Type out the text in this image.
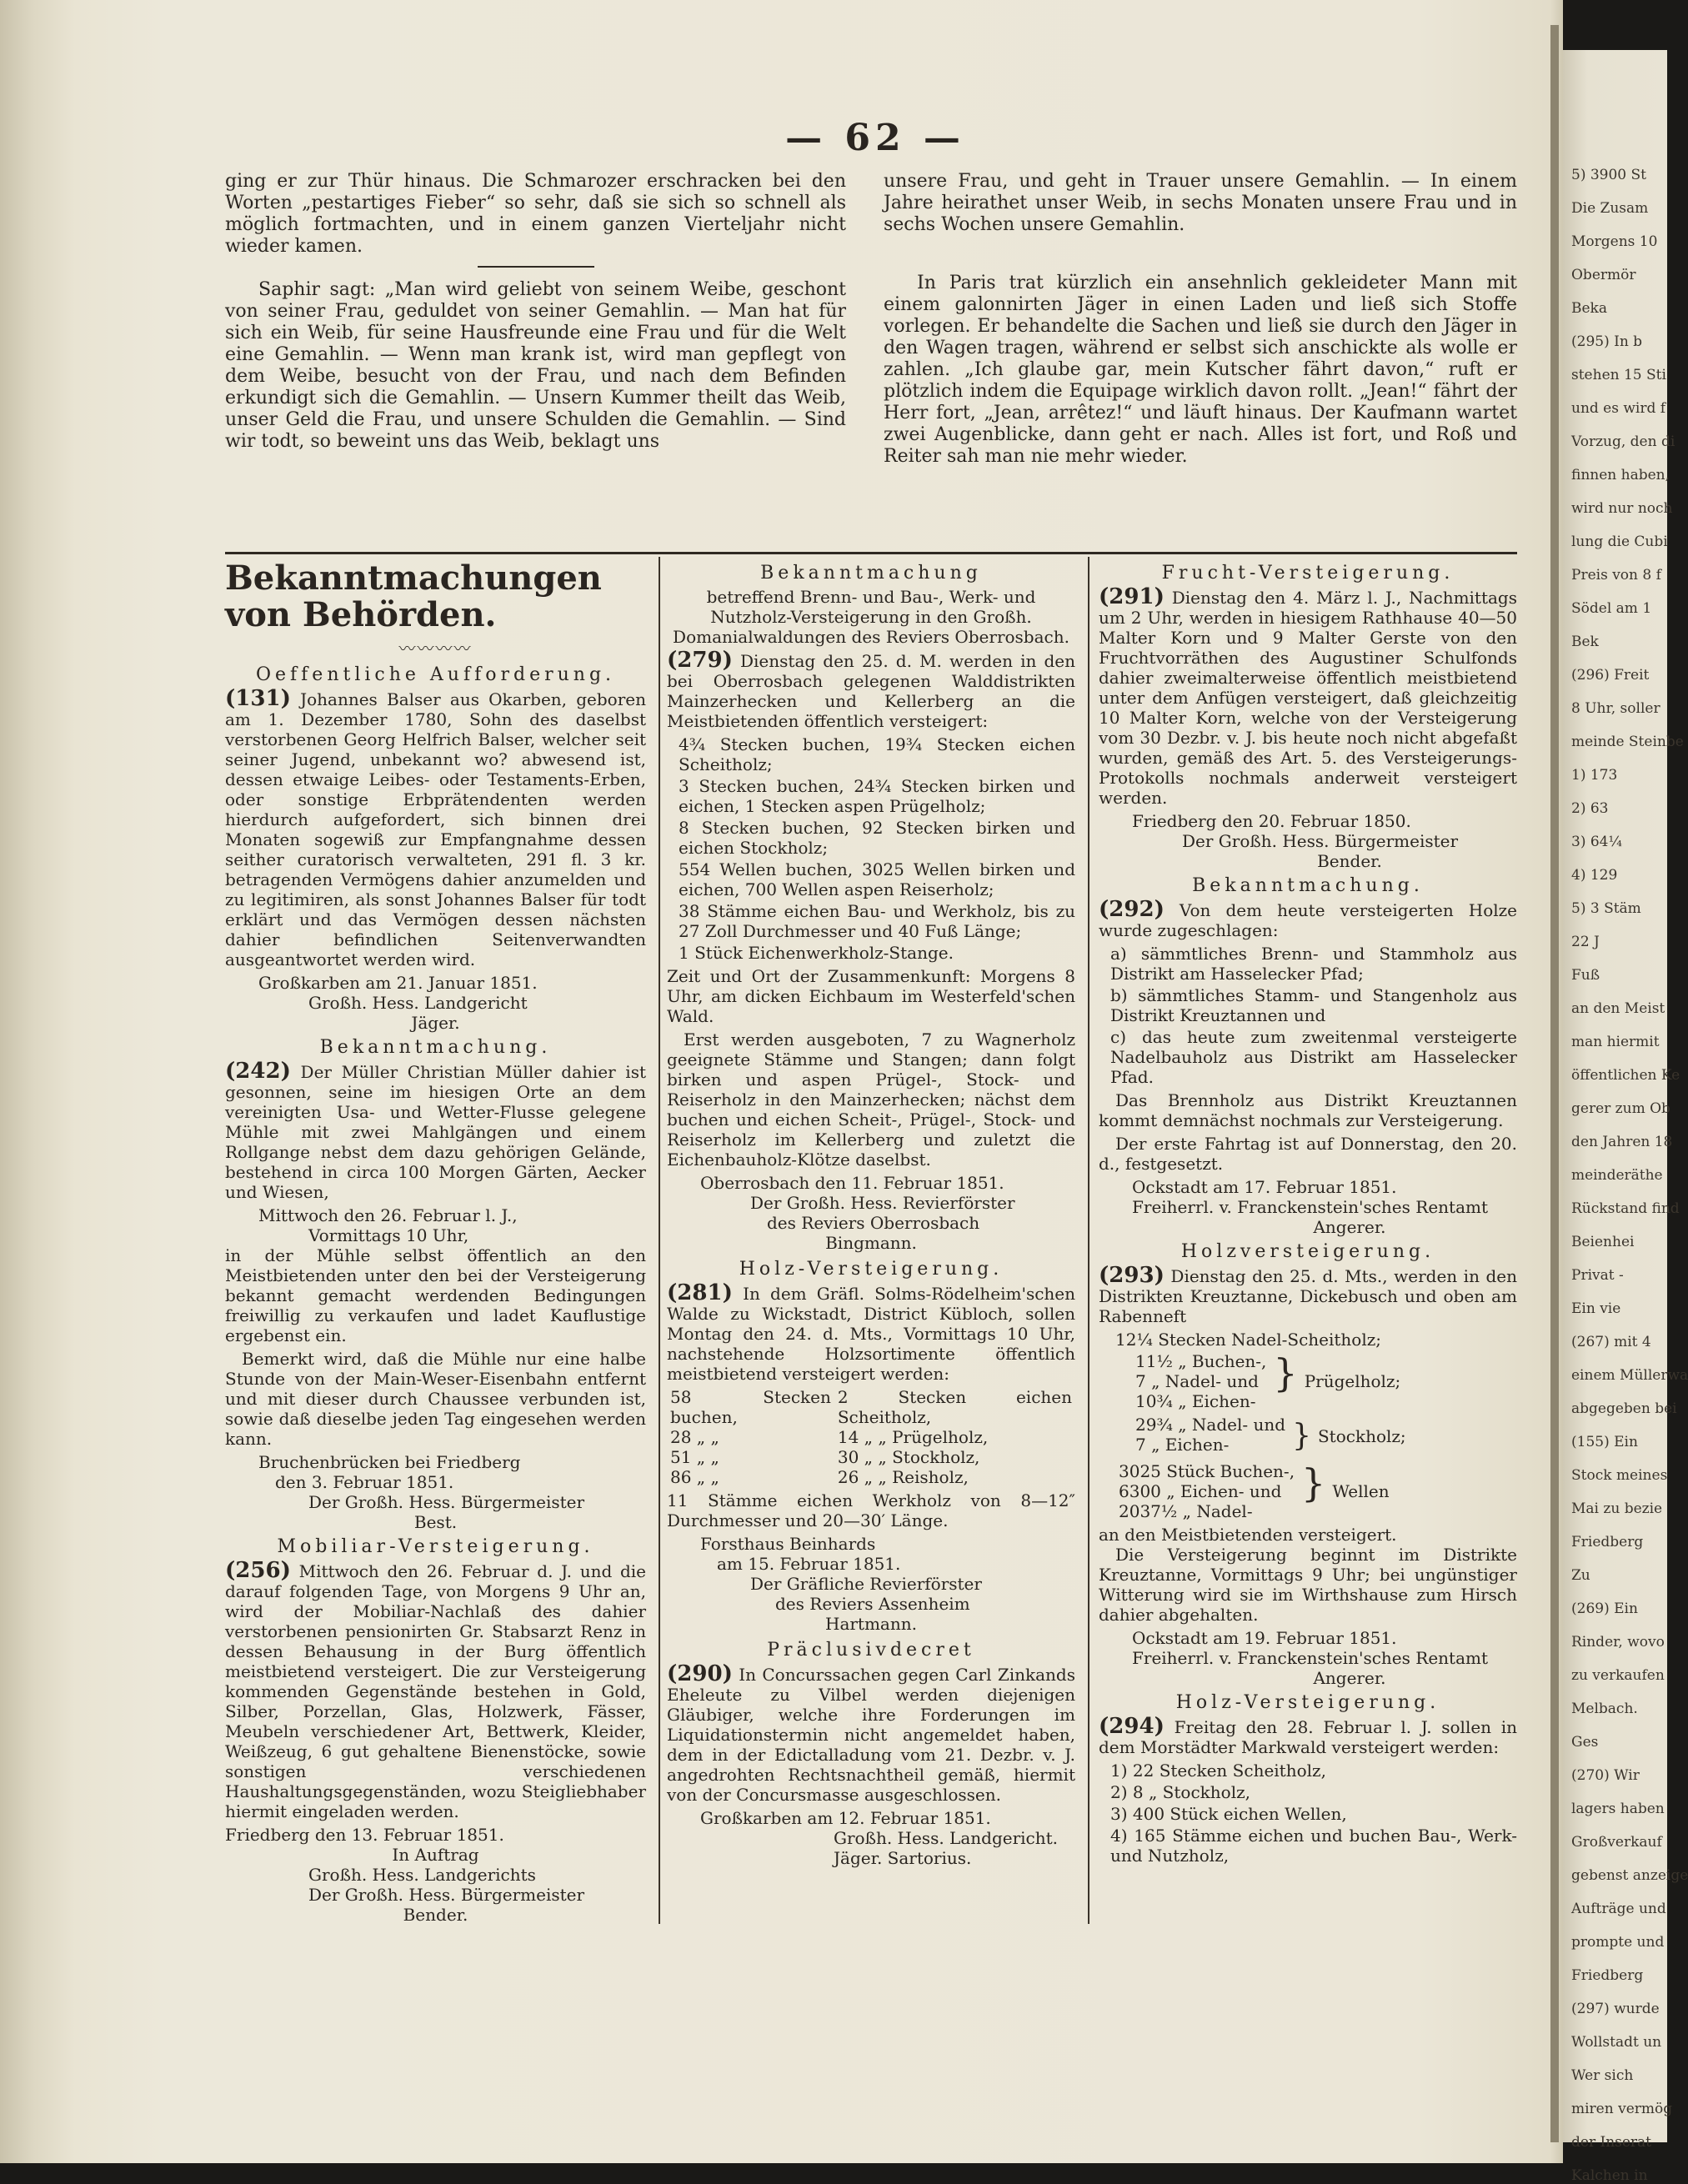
— 62 —

ging er zur Thür hinaus. Die Schmarozer erschracken bei den Worten „pestartiges Fieber“ so sehr, daß sie sich so schnell als möglich fortmachten, und in einem ganzen Vierteljahr nicht wieder kamen.

Saphir sagt: „Man wird geliebt von seinem Weibe, geschont von seiner Frau, geduldet von seiner Gemahlin. — Man hat für sich ein Weib, für seine Hausfreunde eine Frau und für die Welt eine Gemahlin. — Wenn man krank ist, wird man gepflegt von dem Weibe, besucht von der Frau, und nach dem Befinden erkundigt sich die Gemahlin. — Unsern Kummer theilt das Weib, unser Geld die Frau, und unsere Schulden die Gemahlin. — Sind wir todt, so beweint uns das Weib, beklagt uns

unsere Frau, und geht in Trauer unsere Gemahlin. — In einem Jahre heirathet unser Weib, in sechs Monaten unsere Frau und in sechs Wochen unsere Gemahlin.

In Paris trat kürzlich ein ansehnlich gekleideter Mann mit einem galonnirten Jäger in einen Laden und ließ sich Stoffe vorlegen. Er behandelte die Sachen und ließ sie durch den Jäger in den Wagen tragen, während er selbst sich anschickte als wolle er zahlen. „Ich glaube gar, mein Kutscher fährt davon,“ ruft er plötzlich indem die Equipage wirklich davon rollt. „Jean!“ fährt der Herr fort, „Jean, arrêtez!“ und läuft hinaus. Der Kaufmann wartet zwei Augenblicke, dann geht er nach. Alles ist fort, und Roß und Reiter sah man nie mehr wieder.

Bekanntmachungen von Behörden.
〰〰〰〰
Oeffentliche Aufforderung.

(131) Johannes Balser aus Okarben, geboren am 1. Dezember 1780, Sohn des daselbst verstorbenen Georg Helfrich Balser, welcher seit seiner Jugend, unbekannt wo? abwesend ist, dessen etwaige Leibes- oder Testaments-Erben, oder sonstige Erbprätendenten werden hierdurch aufgefordert, sich binnen drei Monaten sogewiß zur Empfangnahme dessen seither curatorisch verwalteten, 291 fl. 3 kr. betragenden Vermögens dahier anzumelden und zu legitimiren, als sonst Johannes Balser für todt erklärt und das Vermögen dessen nächsten dahier befindlichen Seitenverwandten ausgeantwortet werden wird.

Großkarben am 21. Januar 1851.
Großh. Hess. Landgericht
Jäger.
Bekanntmachung.

(242) Der Müller Christian Müller dahier ist gesonnen, seine im hiesigen Orte an dem vereinigten Usa- und Wetter-Flusse gelegene Mühle mit zwei Mahlgängen und einem Rollgange nebst dem dazu gehörigen Gelände, bestehend in circa 100 Morgen Gärten, Aecker und Wiesen,

Mittwoch den 26. Februar l. J.,
Vormittags 10 Uhr,

in der Mühle selbst öffentlich an den Meistbietenden unter den bei der Versteigerung bekannt gemacht werdenden Bedingungen freiwillig zu verkaufen und ladet Kauflustige ergebenst ein.

Bemerkt wird, daß die Mühle nur eine halbe Stunde von der Main-Weser-Eisenbahn entfernt und mit dieser durch Chaussee verbunden ist, sowie daß dieselbe jeden Tag eingesehen werden kann.

Bruchenbrücken bei Friedberg
den 3. Februar 1851.
Der Großh. Hess. Bürgermeister
Best.
Mobiliar-Versteigerung.

(256) Mittwoch den 26. Februar d. J. und die darauf folgenden Tage, von Morgens 9 Uhr an, wird der Mobiliar-Nachlaß des dahier verstorbenen pensionirten Gr. Stabsarzt Renz in dessen Behausung in der Burg öffentlich meistbietend versteigert. Die zur Versteigerung kommenden Gegenstände bestehen in Gold, Silber, Porzellan, Glas, Holzwerk, Fässer, Meubeln verschiedener Art, Bettwerk, Kleider, Weißzeug, 6 gut gehaltene Bienenstöcke, sowie sonstigen verschiedenen Haushaltungsgegenständen, wozu Steigliebhaber hiermit eingeladen werden.

Friedberg den 13. Februar 1851.
In Auftrag
Großh. Hess. Landgerichts
Der Großh. Hess. Bürgermeister
Bender.
Bekanntmachung

betreffend Brenn- und Bau-, Werk- und Nutzholz-Versteigerung in den Großh. Domanialwaldungen des Reviers Oberrosbach.

(279) Dienstag den 25. d. M. werden in den bei Oberrosbach gelegenen Walddistrikten Mainzerhecken und Kellerberg an die Meistbietenden öffentlich versteigert:

4¾ Stecken buchen, 19¾ Stecken eichen Scheitholz;
3 Stecken buchen, 24¾ Stecken birken und eichen, 1 Stecken aspen Prügelholz;
8 Stecken buchen, 92 Stecken birken und eichen Stockholz;
554 Wellen buchen, 3025 Wellen birken und eichen, 700 Wellen aspen Reiserholz;
38 Stämme eichen Bau- und Werkholz, bis zu 27 Zoll Durchmesser und 40 Fuß Länge;
1 Stück Eichenwerkholz-Stange.

Zeit und Ort der Zusammenkunft: Morgens 8 Uhr, am dicken Eichbaum im Westerfeld'schen Wald.

Erst werden ausgeboten, 7 zu Wagnerholz geeignete Stämme und Stangen; dann folgt birken und aspen Prügel-, Stock- und Reiserholz in den Mainzerhecken; nächst dem buchen und eichen Scheit-, Prügel-, Stock- und Reiserholz im Kellerberg und zuletzt die Eichenbauholz-Klötze daselbst.

Oberrosbach den 11. Februar 1851.
Der Großh. Hess. Revierförster
des Reviers Oberrosbach
Bingmann.
Holz-Versteigerung.

(281) In dem Gräfl. Solms-Rödelheim'schen Walde zu Wickstadt, District Kübloch, sollen Montag den 24. d. Mts., Vormittags 10 Uhr, nachstehende Holzsortimente öffentlich meistbietend versteigert werden:

58 Stecken buchen,	2 Stecken eichen Scheitholz,
28 „ „	14 „ „ Prügelholz,
51 „ „	30 „ „ Stockholz,
86 „ „	26 „ „ Reisholz,

11 Stämme eichen Werkholz von 8—12″ Durchmesser und 20—30′ Länge.

Forsthaus Beinhards
am 15. Februar 1851.
Der Gräfliche Revierförster
des Reviers Assenheim
Hartmann.
Präclusivdecret

(290) In Concurssachen gegen Carl Zinkands Eheleute zu Vilbel werden diejenigen Gläubiger, welche ihre Forderungen im Liquidationstermin nicht angemeldet haben, dem in der Edictalladung vom 21. Dezbr. v. J. angedrohten Rechtsnachtheil gemäß, hiermit von der Concursmasse ausgeschlossen.

Großkarben am 12. Februar 1851.
Großh. Hess. Landgericht.
Jäger. Sartorius.
Frucht-Versteigerung.

(291) Dienstag den 4. März l. J., Nachmittags um 2 Uhr, werden in hiesigem Rathhause 40—50 Malter Korn und 9 Malter Gerste von den Fruchtvorräthen des Augustiner Schulfonds dahier zweimalterweise öffentlich meistbietend unter dem Anfügen versteigert, daß gleichzeitig 10 Malter Korn, welche von der Versteigerung vom 30 Dezbr. v. J. bis heute noch nicht abgefaßt wurden, gemäß des Art. 5. des Versteigerungs-Protokolls nochmals anderweit versteigert werden.

Friedberg den 20. Februar 1850.
Der Großh. Hess. Bürgermeister
Bender.
Bekanntmachung.

(292) Von dem heute versteigerten Holze wurde zugeschlagen:

a) sämmtliches Brenn- und Stammholz aus Distrikt am Hasselecker Pfad;
b) sämmtliches Stamm- und Stangenholz aus Distrikt Kreuztannen und
c) das heute zum zweitenmal versteigerte Nadelbauholz aus Distrikt am Hasselecker Pfad.

Das Brennholz aus Distrikt Kreuztannen kommt demnächst nochmals zur Versteigerung.

Der erste Fahrtag ist auf Donnerstag, den 20. d., festgesetzt.

Ockstadt am 17. Februar 1851.
Freiherrl. v. Franckenstein'sches Rentamt
Angerer.
Holzversteigerung.

(293) Dienstag den 25. d. Mts., werden in den Distrikten Kreuztanne, Dickebusch und oben am Rabenneft

12¼ Stecken Nadel-Scheitholz;
11½ „ Buchen-,
7 „ Nadel- und
10¾ „ Eichen-
	}	Prügelholz;
29¾ „ Nadel- und
7 „ Eichen-	}	Stockholz;
3025 Stück Buchen-,
6300 „ Eichen- und
2037½ „ Nadel-
	}	Wellen
an den Meistbietenden versteigert.

Die Versteigerung beginnt im Distrikte Kreuztanne, Vormittags 9 Uhr; bei ungünstiger Witterung wird sie im Wirthshause zum Hirsch dahier abgehalten.

Ockstadt am 19. Februar 1851.
Freiherrl. v. Franckenstein'sches Rentamt
Angerer.
Holz-Versteigerung.

(294) Freitag den 28. Februar l. J. sollen in dem Morstädter Markwald versteigert werden:

1) 22 Stecken Scheitholz,
2) 8 „ Stockholz,
3) 400 Stück eichen Wellen,
4) 165 Stämme eichen und buchen Bau-, Werk- und Nutzholz,
5) 3900 St
Die Zusam
Morgens 10
Obermör
Beka
(295) In b
stehen 15 Sti
und es wird f
Vorzug, den di
finnen haben,
wird nur noch
lung die Cubi
Preis von 8 f
Södel am 1
Bek
(296) Freit
8 Uhr, soller
meinde Steinbe
1) 173
2) 63
3) 64¼
4) 129
5) 3 Stäm
22 J
Fuß
an den Meist
man hiermit
öffentlichen Ke
gerer zum Ob
den Jahren 18
meinderäthe
Rückstand find
Beienhei
Privat -
Ein vie
(267) mit 4
einem Müllerwa
abgegeben bei
(155) Ein
Stock meines
Mai zu bezie
Friedberg
Zu
(269) Ein
Rinder, wovo
zu verkaufen
Melbach.
Ges
(270) Wir
lagers haben
Großverkauf
gebenst anzeige
Aufträge und
prompte und
Friedberg
(297) wurde
Wollstadt un
Wer sich
miren vermög
der Inserat
Kalchen in
